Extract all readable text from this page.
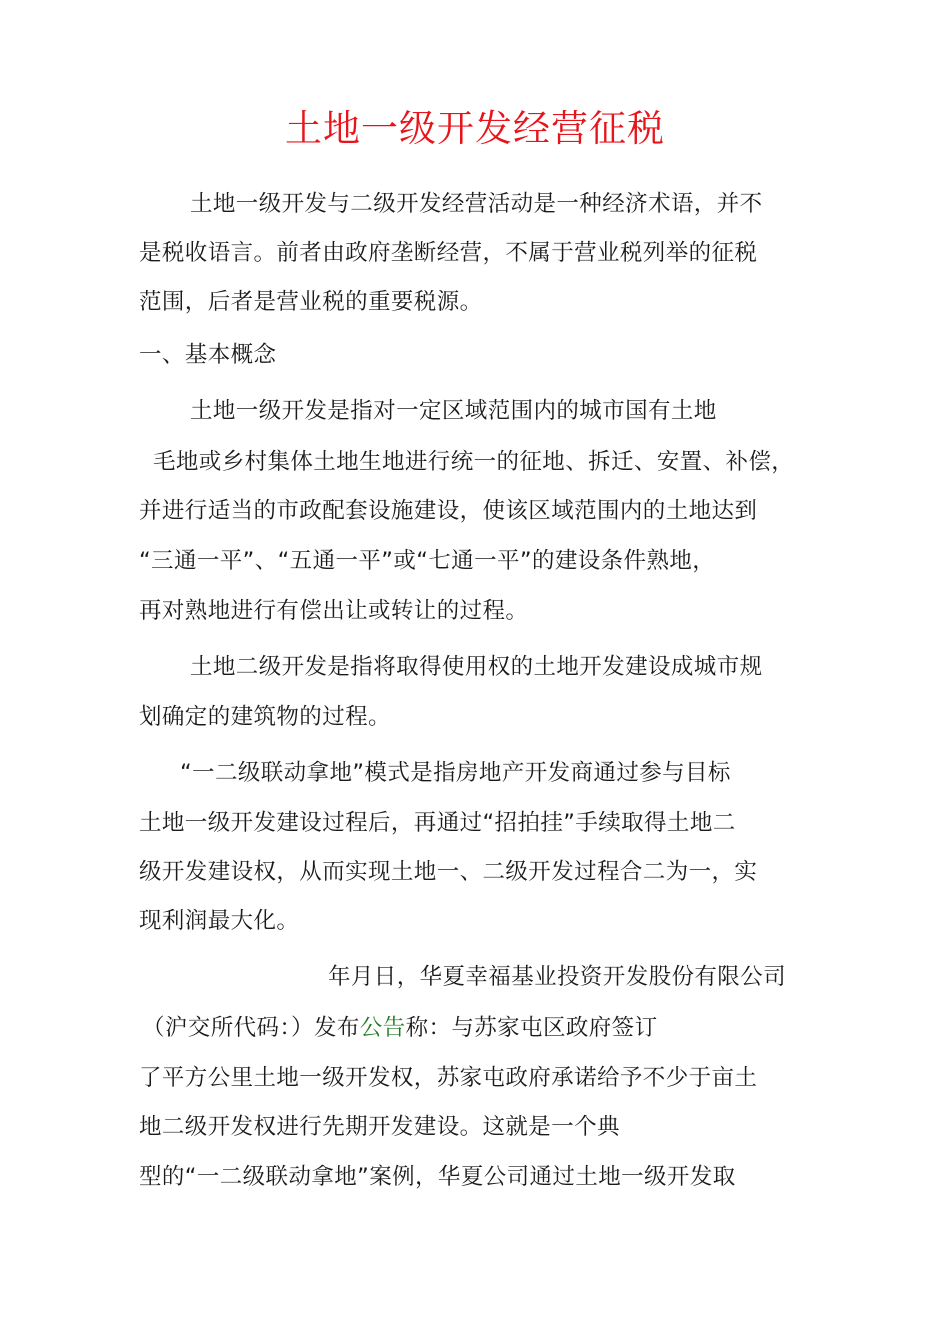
土地一级开发经营征税
土地一级开发与二级开发经营活动是一种经济术语，并不
是税收语言。前者由政府垄断经营，不属于营业税列举的征税
范围，后者是营业税的重要税源。
一、基本概念
土地一级开发是指对一定区域范围内的城市国有土地
毛地或乡村集体土地生地进行统一的征地、拆迁、安置、补偿，
并进行适当的市政配套设施建设，使该区域范围内的土地达到
“三通一平”、“五通一平”或“七通一平”的建设条件熟地，
再对熟地进行有偿出让或转让的过程。
土地二级开发是指将取得使用权的土地开发建设成城市规
划确定的建筑物的过程。
“一二级联动拿地”模式是指房地产开发商通过参与目标
土地一级开发建设过程后，再通过“招拍挂”手续取得土地二
级开发建设权，从而实现土地一、二级开发过程合二为一，实
现利润最大化。
年月日，华夏幸福基业投资开发股份有限公司
（沪交所代码：）发布公告称：与苏家屯区政府签订
了平方公里土地一级开发权，苏家屯政府承诺给予不少于亩土
地二级开发权进行先期开发建设。这就是一个典
型的“一二级联动拿地”案例，华夏公司通过土地一级开发取
